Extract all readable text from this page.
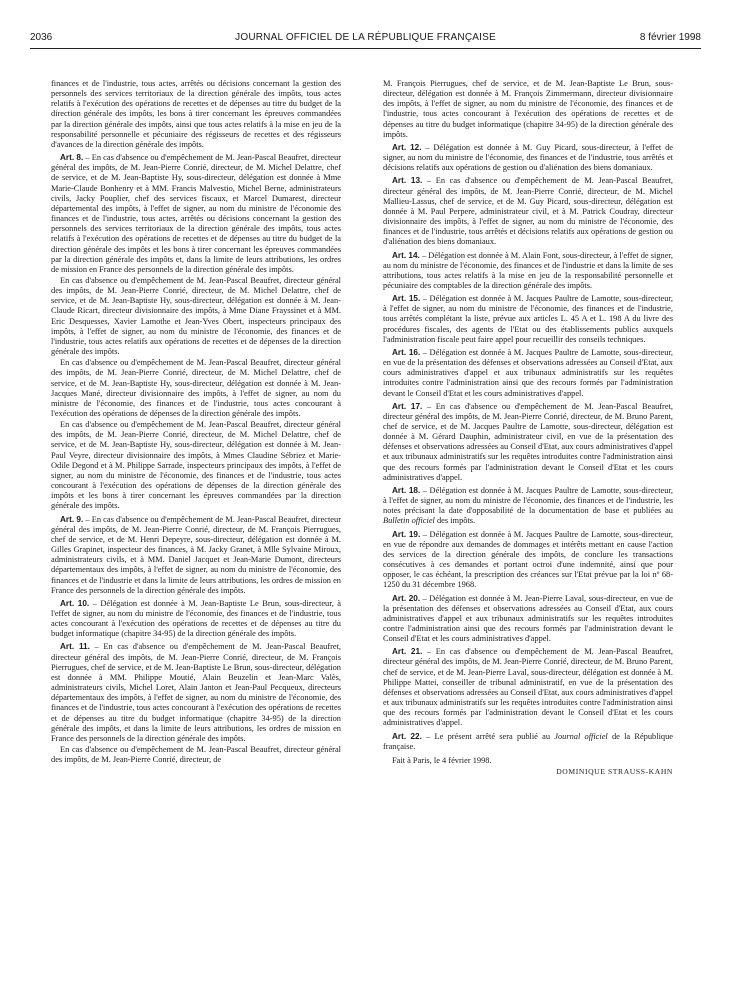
2036	JOURNAL OFFICIEL DE LA RÉPUBLIQUE FRANÇAISE	8 février 1998

finances et de l'industrie, tous actes, arrêtés ou décisions concernant la gestion des personnels des services territoriaux de la direction générale des impôts, tous actes relatifs à l'exécution des opérations de recettes et de dépenses au titre du budget de la direction générale des impôts, les bons à tirer concernant les épreuves commandées par la direction générale des impôts, ainsi que tous actes relatifs à la mise en jeu de la responsabilité personnelle et pécuniaire des régisseurs de recettes et des régisseurs d'avances de la direction générale des impôts.

Art. 8. – En cas d'absence ou d'empêchement de M. Jean-Pascal Beaufret, directeur général des impôts, de M. Jean-Pierre Conrié, directeur, de M. Michel Delattre, chef de service, et de M. Jean-Baptiste Hy, sous-directeur, délégation est donnée à Mme Marie-Claude Bonhenry et à MM. Francis Malvestio, Michel Berne, administrateurs civils, Jacky Pouplier, chef des services fiscaux, et Marcel Dumarest, directeur départemental des impôts, à l'effet de signer, au nom du ministre de l'économie des finances et de l'industrie, tous actes, arrêtés ou décisions concernant la gestion des personnels des services territoriaux de la direction générale des impôts, tous actes relatifs à l'exécution des opérations de recettes et de dépenses au titre du budget de la direction générale des impôts et les bons à tirer concernant les épreuves commandées par la direction générale des impôts et, dans la limite de leurs attributions, les ordres de mission en France des personnels de la direction générale des impôts.

En cas d'absence ou d'empêchement de M. Jean-Pascal Beaufret, directeur général des impôts, de M. Jean-Pierre Conrié, directeur, de M. Michel Delattre, chef de service, et de M. Jean-Baptiste Hy, sous-directeur, délégation est donnée à M. Jean-Claude Ricart, directeur divisionnaire des impôts, à Mme Diane Frayssinet et à MM. Eric Desquesses, Xavier Lamothe et Jean-Yves Obert, inspecteurs principaux des impôts, à l'effet de signer, au nom du ministre de l'économie, des finances et de l'industrie, tous actes relatifs aux opérations de recettes et de dépenses de la direction générale des impôts.

En cas d'absence ou d'empêchement de M. Jean-Pascal Beaufret, directeur général des impôts, de M. Jean-Pierre Conrié, directeur, de M. Michel Delattre, chef de service, et de M. Jean-Baptiste Hy, sous-directeur, délégation est donnée à M. Jean-Jacques Mané, directeur divisionnaire des impôts, à l'effet de signer, au nom du ministre de l'économie, des finances et de l'industrie, tous actes concourant à l'exécution des opérations de dépenses de la direction générale des impôts.

En cas d'absence ou d'empêchement de M. Jean-Pascal Beaufret, directeur général des impôts, de M. Jean-Pierre Conrié, directeur, de M. Michel Delattre, chef de service, et de M. Jean-Baptiste Hy, sous-directeur, délégation est donnée à M. Jean-Paul Veyre, directeur divisionnaire des impôts, à Mmes Claudine Sébriez et Marie-Odile Degond et à M. Philippe Sarrade, inspecteurs principaux des impôts, à l'effet de signer, au nom du ministre de l'économie, des finances et de l'industrie, tous actes concourant à l'exécution des opérations de dépenses de la direction générale des impôts et les bons à tirer concernant les épreuves commandées par la direction générale des impôts.

Art. 9. – En cas d'absence ou d'empêchement de M. Jean-Pascal Beaufret, directeur général des impôts, de M. Jean-Pierre Conrié, directeur, de M. François Pierrugues, chef de service, et de M. Henri Depeyre, sous-directeur, délégation est donnée à M. Gilles Grapinet, inspecteur des finances, à M. Jacky Granet, à Mlle Sylvaine Miroux, administrateurs civils, et à MM. Daniel Jacquet et Jean-Marie Dumont, directeurs départementaux des impôts, à l'effet de signer, au nom du ministre de l'économie, des finances et de l'industrie et dans la limite de leurs attributions, les ordres de mission en France des personnels de la direction générale des impôts.

Art. 10. – Délégation est donnée à M. Jean-Baptiste Le Brun, sous-directeur, à l'effet de signer, au nom du ministre de l'économie, des finances et de l'industrie, tous actes concourant à l'exécution des opérations de recettes et de dépenses au titre du budget informatique (chapitre 34-95) de la direction générale des impôts.

Art. 11. – En cas d'absence ou d'empêchement de M. Jean-Pascal Beaufret, directeur général des impôts, de M. Jean-Pierre Conrié, directeur, de M. François Pierrugues, chef de service, et de M. Jean-Baptiste Le Brun, sous-directeur, délégation est donnée à MM. Philippe Moutié, Alain Beuzelin et Jean-Marc Valès, administrateurs civils, Michel Loret, Alain Janton et Jean-Paul Pecqueux, directeurs départementaux des impôts, à l'effet de signer, au nom du ministre de l'économie, des finances et de l'industrie, tous actes concourant à l'exécution des opérations de recettes et de dépenses au titre du budget informatique (chapitre 34-95) de la direction générale des impôts, et dans la limite de leurs attributions, les ordres de mission en France des personnels de la direction générale des impôts.

En cas d'absence ou d'empêchement de M. Jean-Pascal Beaufret, directeur général des impôts, de M. Jean-Pierre Conrié, directeur, de

M. François Pierrugues, chef de service, et de M. Jean-Baptiste Le Brun, sous-directeur, délégation est donnée à M. François Zimmermann, directeur divisionnaire des impôts, à l'effet de signer, au nom du ministre de l'économie, des finances et de l'industrie, tous actes concourant à l'exécution des opérations de recettes et de dépenses au titre du budget informatique (chapitre 34-95) de la direction générale des impôts.

Art. 12. – Délégation est donnée à M. Guy Picard, sous-directeur, à l'effet de signer, au nom du ministre de l'économie, des finances et de l'industrie, tous arrêtés et décisions relatifs aux opérations de gestion ou d'aliénation des biens domaniaux.

Art. 13. – En cas d'absence ou d'empêchement de M. Jean-Pascal Beaufret, directeur général des impôts, de M. Jean-Pierre Conrié, directeur, de M. Michel Mallieu-Lassus, chef de service, et de M. Guy Picard, sous-directeur, délégation est donnée à M. Paul Perpere, administrateur civil, et à M. Patrick Coudray, directeur divisionnaire des impôts, à l'effet de signer, au nom du ministre de l'économie, des finances et de l'industrie, tous arrêtés et décisions relatifs aux opérations de gestion ou d'aliénation des biens domaniaux.

Art. 14. – Délégation est donnée à M. Alain Font, sous-directeur, à l'effet de signer, au nom du ministre de l'économie, des finances et de l'industrie et dans la limite de ses attributions, tous actes relatifs à la mise en jeu de la responsabilité personnelle et pécuniaire des comptables de la direction générale des impôts.

Art. 15. – Délégation est donnée à M. Jacques Paultre de Lamotte, sous-directeur, à l'effet de signer, au nom du ministre de l'économie, des finances et de l'industrie, tous arrêtés complétant la liste, prévue aux articles L. 45 A et L. 198 A du livre des procédures fiscales, des agents de l'Etat ou des établissements publics auxquels l'administration fiscale peut faire appel pour recueillir des conseils techniques.

Art. 16. – Délégation est donnée à M. Jacques Paultre de Lamotte, sous-directeur, en vue de la présentation des défenses et observations adressées au Conseil d'Etat, aux cours administratives d'appel et aux tribunaux administratifs sur les requêtes introduites contre l'administration ainsi que des recours formés par l'administration devant le Conseil d'Etat et les cours administratives d'appel.

Art. 17. – En cas d'absence ou d'empêchement de M. Jean-Pascal Beaufret, directeur général des impôts, de M. Jean-Pierre Conrié, directeur, de M. Bruno Parent, chef de service, et de M. Jacques Paultre de Lamotte, sous-directeur, délégation est donnée à M. Gérard Dauphin, administrateur civil, en vue de la présentation des défenses et observations adressées au Conseil d'Etat, aux cours administratives d'appel et aux tribunaux administratifs sur les requêtes introduites contre l'administration ainsi que des recours formés par l'administration devant le Conseil d'Etat et les cours administratives d'appel.

Art. 18. – Délégation est donnée à M. Jacques Paultre de Lamotte, sous-directeur, à l'effet de signer, au nom du ministre de l'économie, des finances et de l'industrie, les notes précisant la date d'opposabilité de la documentation de base et publiées au Bulletin officiel des impôts.

Art. 19. – Délégation est donnée à M. Jacques Paultre de Lamotte, sous-directeur, en vue de répondre aux demandes de dommages et intérêts mettant en cause l'action des services de la direction générale des impôts, de conclure les transactions consécutives à ces demandes et portant octroi d'une indemnité, ainsi que pour opposer, le cas échéant, la prescription des créances sur l'Etat prévue par la loi nº 68-1250 du 31 décembre 1968.

Art. 20. – Délégation est donnée à M. Jean-Pierre Laval, sous-directeur, en vue de la présentation des défenses et observations adressées au Conseil d'Etat, aux cours administratives d'appel et aux tribunaux administratifs sur les requêtes introduites contre l'administration ainsi que des recours formés par l'administration devant le Conseil d'Etat et les cours administratives d'appel.

Art. 21. – En cas d'absence ou d'empêchement de M. Jean-Pascal Beaufret, directeur général des impôts, de M. Jean-Pierre Conrié, directeur, de M. Bruno Parent, chef de service, et de M. Jean-Pierre Laval, sous-directeur, délégation est donnée à M. Philippe Mattei, conseiller de tribunal administratif, en vue de la présentation des défenses et observations adressées au Conseil d'Etat, aux cours administratives d'appel et aux tribunaux administratifs sur les requêtes introduites contre l'administration ainsi que des recours formés par l'administration devant le Conseil d'Etat et les cours administratives d'appel.

Art. 22. – Le présent arrêté sera publié au Journal officiel de la République française.

Fait à Paris, le 4 février 1998.

DOMINIQUE STRAUSS-KAHN
